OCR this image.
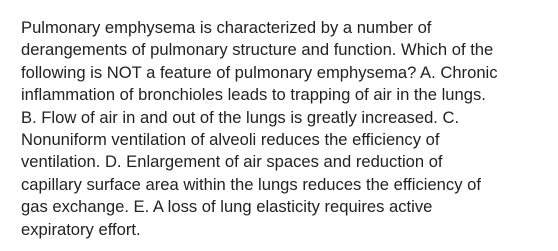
Pulmonary emphysema is characterized by a number of
derangements of pulmonary structure and function. Which of the
following is NOT a feature of pulmonary emphysema? A. Chronic
inflammation of bronchioles leads to trapping of air in the lungs.
B. Flow of air in and out of the lungs is greatly increased. C.
Nonuniform ventilation of alveoli reduces the efficiency of
ventilation. D. Enlargement of air spaces and reduction of
capillary surface area within the lungs reduces the efficiency of
gas exchange. E. A loss of lung elasticity requires active
expiratory effort.
